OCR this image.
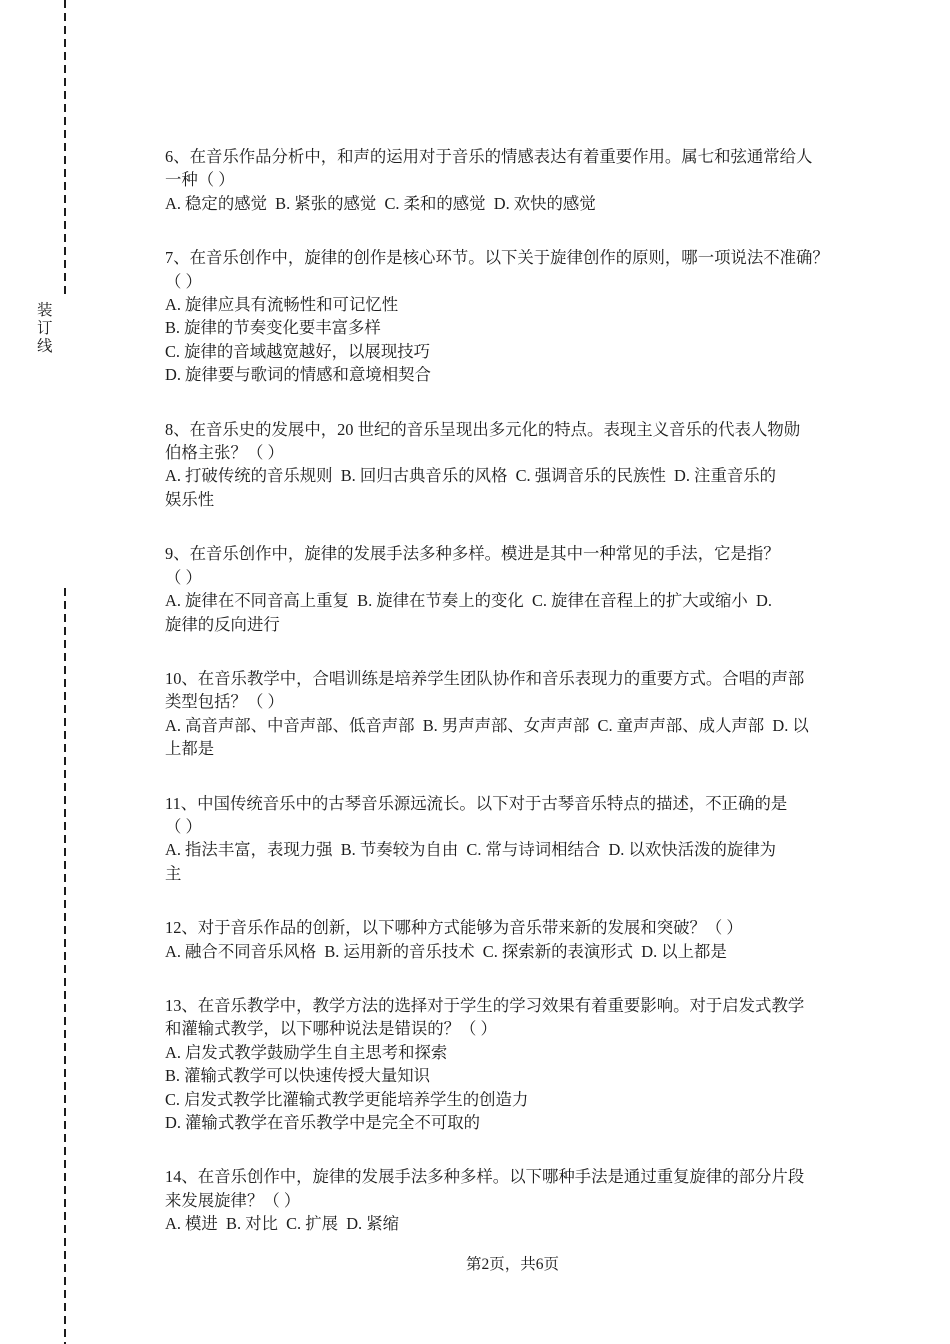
装订线
6、在音乐作品分析中，和声的运用对于音乐的情感表达有着重要作用。属七和弦通常给人
一种（ ）
A. 稳定的感觉  B. 紧张的感觉  C. 柔和的感觉  D. 欢快的感觉
7、在音乐创作中，旋律的创作是核心环节。以下关于旋律创作的原则，哪一项说法不准确？
（ ）
A. 旋律应具有流畅性和可记忆性
B. 旋律的节奏变化要丰富多样
C. 旋律的音域越宽越好，以展现技巧
D. 旋律要与歌词的情感和意境相契合
8、在音乐史的发展中，20 世纪的音乐呈现出多元化的特点。表现主义音乐的代表人物勋
伯格主张？（ ）
A. 打破传统的音乐规则  B. 回归古典音乐的风格  C. 强调音乐的民族性  D. 注重音乐的
娱乐性
9、在音乐创作中，旋律的发展手法多种多样。模进是其中一种常见的手法，它是指？
（ ）
A. 旋律在不同音高上重复  B. 旋律在节奏上的变化  C. 旋律在音程上的扩大或缩小  D.
旋律的反向进行
10、在音乐教学中，合唱训练是培养学生团队协作和音乐表现力的重要方式。合唱的声部
类型包括？（ ）
A. 高音声部、中音声部、低音声部  B. 男声声部、女声声部  C. 童声声部、成人声部  D. 以
上都是
11、中国传统音乐中的古琴音乐源远流长。以下对于古琴音乐特点的描述，不正确的是
（ ）
A. 指法丰富，表现力强  B. 节奏较为自由  C. 常与诗词相结合  D. 以欢快活泼的旋律为
主
12、对于音乐作品的创新，以下哪种方式能够为音乐带来新的发展和突破？（ ）
A. 融合不同音乐风格  B. 运用新的音乐技术  C. 探索新的表演形式  D. 以上都是
13、在音乐教学中，教学方法的选择对于学生的学习效果有着重要影响。对于启发式教学
和灌输式教学，以下哪种说法是错误的？（ ）
A. 启发式教学鼓励学生自主思考和探索
B. 灌输式教学可以快速传授大量知识
C. 启发式教学比灌输式教学更能培养学生的创造力
D. 灌输式教学在音乐教学中是完全不可取的
14、在音乐创作中，旋律的发展手法多种多样。以下哪种手法是通过重复旋律的部分片段
来发展旋律？（ ）
A. 模进  B. 对比  C. 扩展  D. 紧缩
第2页，共6页
